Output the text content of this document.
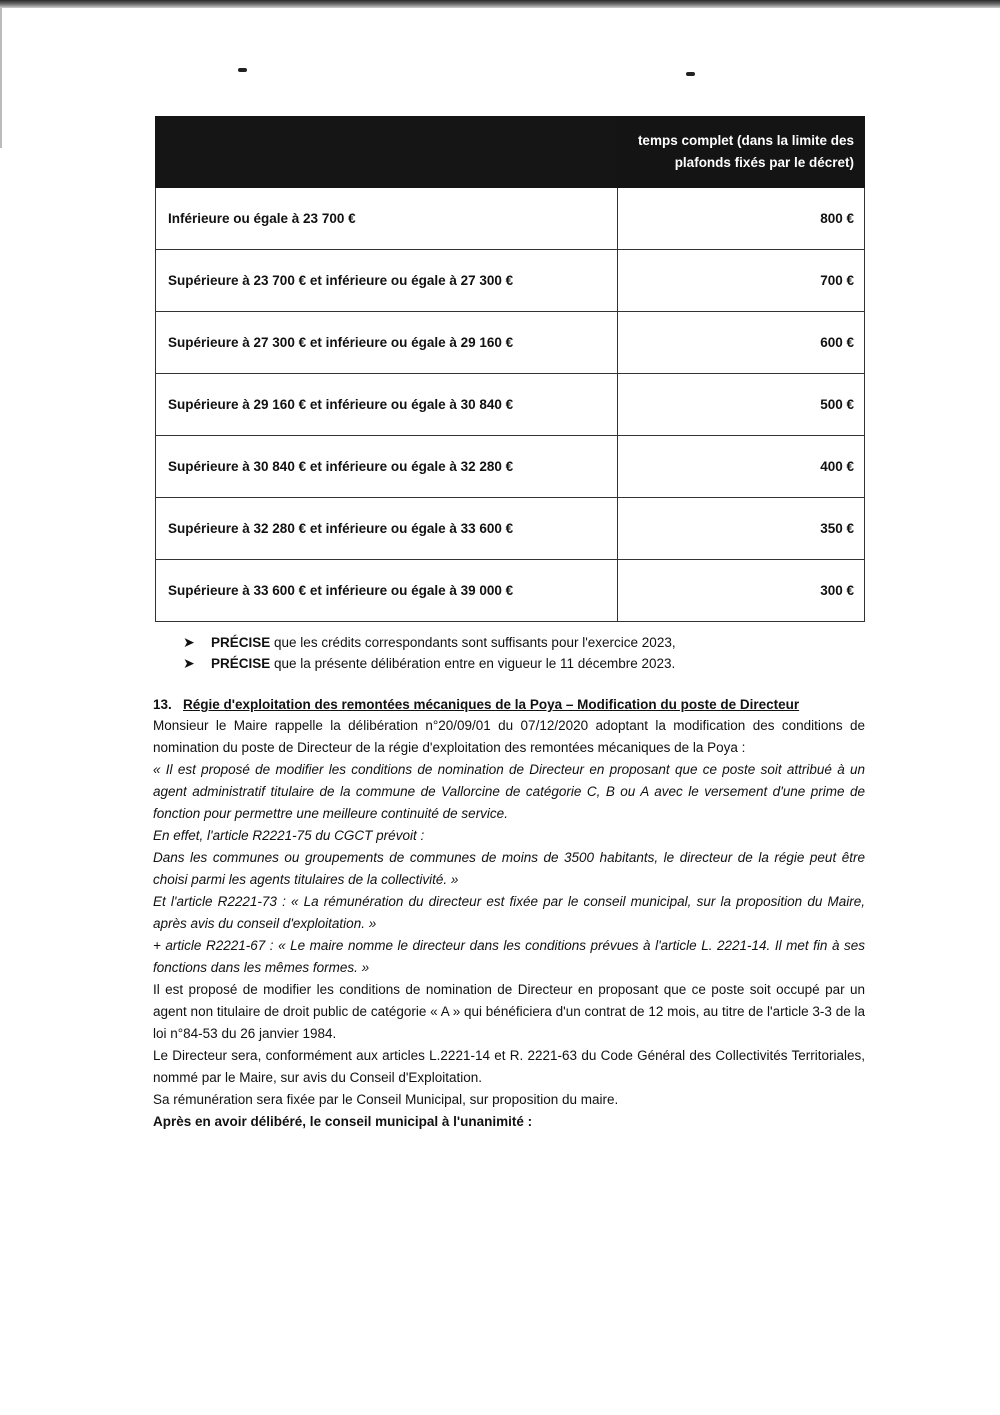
	temps complet (dans la limite des plafonds fixés par le décret)
Inférieure ou égale à 23 700 €	800 €
Supérieure à 23 700 € et inférieure ou égale à 27 300 €	700 €
Supérieure à 27 300 € et inférieure ou égale à 29 160 €	600 €
Supérieure à 29 160 € et inférieure ou égale à 30 840 €	500 €
Supérieure à 30 840 € et inférieure ou égale à 32 280 €	400 €
Supérieure à 32 280 € et inférieure ou égale à 33 600 €	350 €
Supérieure à 33 600 € et inférieure ou égale à 39 000 €	300 €
➤ PRÉCISE que les crédits correspondants sont suffisants pour l'exercice 2023,
➤ PRÉCISE que la présente délibération entre en vigueur le 11 décembre 2023.
13. Régie d'exploitation des remontées mécaniques de la Poya – Modification du poste de Directeur

Monsieur le Maire rappelle la délibération n°20/09/01 du 07/12/2020 adoptant la modification des conditions de nomination du poste de Directeur de la régie d'exploitation des remontées mécaniques de la Poya :

« Il est proposé de modifier les conditions de nomination de Directeur en proposant que ce poste soit attribué à un agent administratif titulaire de la commune de Vallorcine de catégorie C, B ou A avec le versement d'une prime de fonction pour permettre une meilleure continuité de service.

En effet, l'article R2221-75 du CGCT prévoit :

Dans les communes ou groupements de communes de moins de 3500 habitants, le directeur de la régie peut être choisi parmi les agents titulaires de la collectivité. »

Et l'article R2221-73 : « La rémunération du directeur est fixée par le conseil municipal, sur la proposition du Maire, après avis du conseil d'exploitation. »

+ article R2221-67 : « Le maire nomme le directeur dans les conditions prévues à l'article L. 2221-14. Il met fin à ses fonctions dans les mêmes formes. »

Il est proposé de modifier les conditions de nomination de Directeur en proposant que ce poste soit occupé par un agent non titulaire de droit public de catégorie « A » qui bénéficiera d'un contrat de 12 mois, au titre de l'article 3-3 de la loi n°84-53 du 26 janvier 1984.

Le Directeur sera, conformément aux articles L.2221-14 et R. 2221-63 du Code Général des Collectivités Territoriales, nommé par le Maire, sur avis du Conseil d'Exploitation.

Sa rémunération sera fixée par le Conseil Municipal, sur proposition du maire.

Après en avoir délibéré, le conseil municipal à l'unanimité :
